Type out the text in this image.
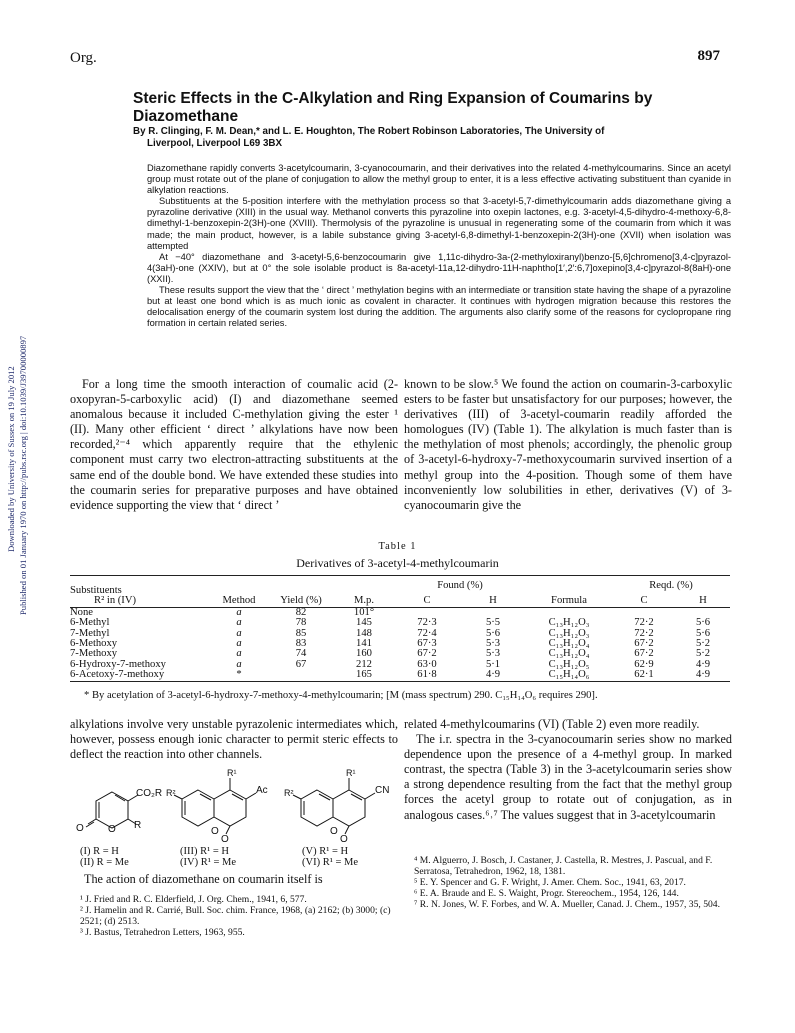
Downloaded by University of Sussex on 19 July 2012 Published on 01 January 1970 on http://pubs.rsc.org | doi:10.1039/J39700000897
Org.	897
Steric Effects in the C-Alkylation and Ring Expansion of Coumarins by Diazomethane
By R. Clinging, F. M. Dean,* and L. E. Houghton, The Robert Robinson Laboratories, The University of
Liverpool, Liverpool L69 3BX

Diazomethane rapidly converts 3-acetylcoumarin, 3-cyanocoumarin, and their derivatives into the related 4-methylcoumarins. Since an acetyl group must rotate out of the plane of conjugation to allow the methyl group to enter, it is a less effective activating substituent than cyanide in alkylation reactions.

Substituents at the 5-position interfere with the methylation process so that 3-acetyl-5,7-dimethylcoumarin adds diazomethane giving a pyrazoline derivative (XIII) in the usual way. Methanol converts this pyrazoline into oxepin lactones, e.g. 3-acetyl-4,5-dihydro-4-methoxy-6,8-dimethyl-1-benzoxepin-2(3H)-one (XVIII). Thermolysis of the pyrazoline is unusual in regenerating some of the coumarin from which it was made; the main product, however, is a labile substance giving 3-acetyl-6,8-dimethyl-1-benzoxepin-2(3H)-one (XVII) when isolation was attempted

At −40° diazomethane and 3-acetyl-5,6-benzocoumarin give 1,11c-dihydro-3a-(2-methyloxiranyl)benzo-[5,6]chromeno[3,4-c]pyrazol-4(3aH)-one (XXIV), but at 0° the sole isolable product is 8a-acetyl-11a,12-dihydro-11H-naphtho[1′,2′:6,7]oxepino[3,4-c]pyrazol-8(8aH)-one (XXII).

These results support the view that the ‘ direct ’ methylation begins with an intermediate or transition state having the shape of a pyrazoline but at least one bond which is as much ionic as covalent in character. It continues with hydrogen migration because this restores the delocalisation energy of the coumarin system lost during the addition. The arguments also clarify some of the reasons for cyclopropane ring formation in certain related series.

For a long time the smooth interaction of coumalic acid (2-oxopyran-5-carboxylic acid) (I) and diazomethane seemed anomalous because it included C-methylation giving the ester ¹ (II). Many other efficient ‘ direct ’ alkylations have now been recorded,²⁻⁴ which apparently require that the ethylenic component must carry two electron-attracting substituents at the same end of the double bond. We have extended these studies into the coumarin series for preparative purposes and have obtained evidence supporting the view that ‘ direct ’

known to be slow.⁵ We found the action on coumarin-3-carboxylic esters to be faster but unsatisfactory for our purposes; however, the derivatives (III) of 3-acetyl-coumarin readily afforded the homologues (IV) (Table 1). The alkylation is much faster than is the methylation of most phenols; accordingly, the phenolic group of 3-acetyl-6-hydroxy-7-methoxycoumarin survived insertion of a methyl group into the 4-position. Though some of them have inconveniently low solubilities in ether, derivatives (V) of 3-cyanocoumarin give the

Table 1
Derivatives of 3-acetyl-4-methylcoumarin
Substituents				Found (%)			Reqd. (%)	
R² in (IV)	Method	Yield (%)	M.p.	C	H	Formula	C	H
None	a	82	101°					
6-Methyl	a	78	145	72·3	5·5	C₁₃H₁₂O₃	72·2	5·6
7-Methyl	a	85	148	72·4	5·6	C₁₃H₁₂O₃	72·2	5·6
6-Methoxy	a	83	141	67·3	5·3	C₁₃H₁₂O₄	67·2	5·2
7-Methoxy	a	74	160	67·2	5·3	C₁₃H₁₂O₄	67·2	5·2
6-Hydroxy-7-methoxy	a	67	212	63·0	5·1	C₁₃H₁₂O₅	62·9	4·9
6-Acetoxy-7-methoxy	*		165	61·8	4·9	C₁₅H₁₄O₆	62·1	4·9
* By acetylation of 3-acetyl-6-hydroxy-7-methoxy-4-methylcoumarin; [M (mass spectrum) 290. C₁₅H₁₄O₆ requires 290].

alkylations involve very unstable pyrazolenic intermediates which, however, possess enough ionic character to permit steric effects to deflect the reaction into other channels.

related 4-methylcoumarins (VI) (Table 2) even more readily.

The i.r. spectra in the 3-cyanocoumarin series show no marked dependence upon the presence of a 4-methyl group. In marked contrast, the spectra (Table 3) in the 3-acetylcoumarin series show a strong dependence resulting from the fact that the methyl group forces the acetyl group to rotate out of conjugation, as in analogous cases.⁶˒⁷ The values suggest that in 3-acetylcoumarin

CO₂R
R
O O
R¹
R²	Ac
O
O
R¹
R²	CN
O
O
(I) R = H
(II) R = Me
(III) R¹ = H
(IV) R¹ = Me
(V) R¹ = H
(VI) R¹ = Me
The action of diazomethane on coumarin itself is
¹ J. Fried and R. C. Elderfield, J. Org. Chem., 1941, 6, 577.
² J. Hamelin and R. Carrié, Bull. Soc. chim. France, 1968, (a) 2162; (b) 3000; (c) 2521; (d) 2513.
³ J. Bastus, Tetrahedron Letters, 1963, 955.
⁴ M. Alguerro, J. Bosch, J. Castaner, J. Castella, R. Mestres, J. Pascual, and F. Serratosa, Tetrahedron, 1962, 18, 1381.
⁵ E. Y. Spencer and G. F. Wright, J. Amer. Chem. Soc., 1941, 63, 2017.
⁶ E. A. Braude and E. S. Waight, Progr. Stereochem., 1954, 126, 144.
⁷ R. N. Jones, W. F. Forbes, and W. A. Mueller, Canad. J. Chem., 1957, 35, 504.
